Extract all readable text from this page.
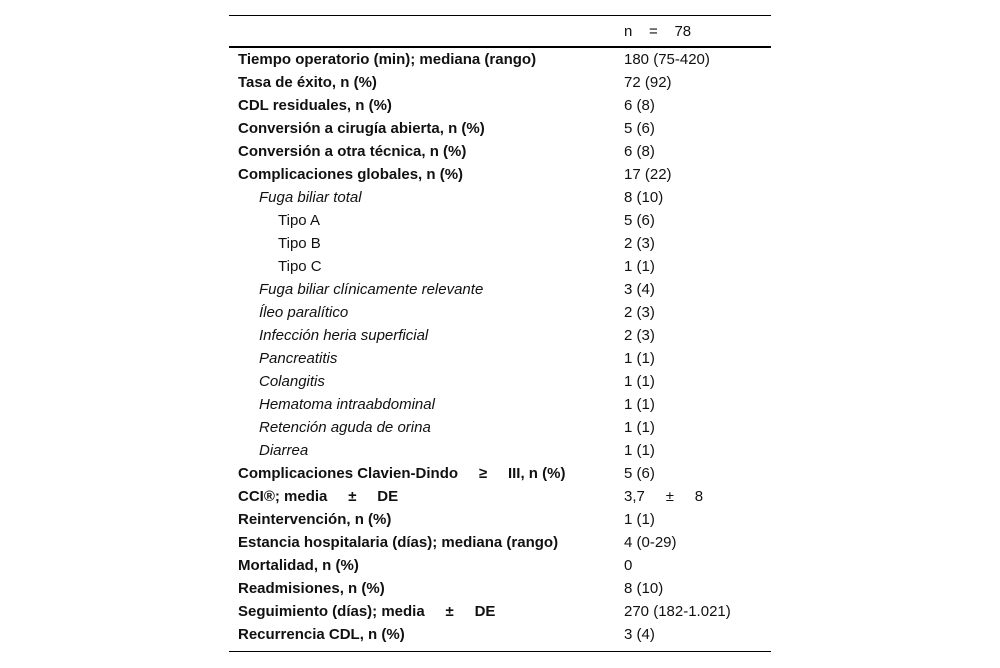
n    =    78
Tiempo operatorio (min); mediana (rango)	180 (75-420)
Tasa de éxito, n (%)	72 (92)
CDL residuales, n (%)	6 (8)
Conversión a cirugía abierta, n (%)	5 (6)
Conversión a otra técnica, n (%)	6 (8)
Complicaciones globales, n (%)	17 (22)
Fuga biliar total	8 (10)
Tipo A	5 (6)
Tipo B	2 (3)
Tipo C	1 (1)
Fuga biliar clínicamente relevante	3 (4)
Íleo paralítico	2 (3)
Infección heria superficial	2 (3)
Pancreatitis	1 (1)
Colangitis	1 (1)
Hematoma intraabdominal	1 (1)
Retención aguda de orina	1 (1)
Diarrea	1 (1)
Complicaciones Clavien-Dindo     ≥     III, n (%)	5 (6)
CCI®; media     ±     DE	3,7     ±     8
Reintervención, n (%)	1 (1)
Estancia hospitalaria (días); mediana (rango)	4 (0-29)
Mortalidad, n (%)	0
Readmisiones, n (%)	8 (10)
Seguimiento (días); media     ±     DE	270 (182-1.021)
Recurrencia CDL, n (%)	3 (4)
